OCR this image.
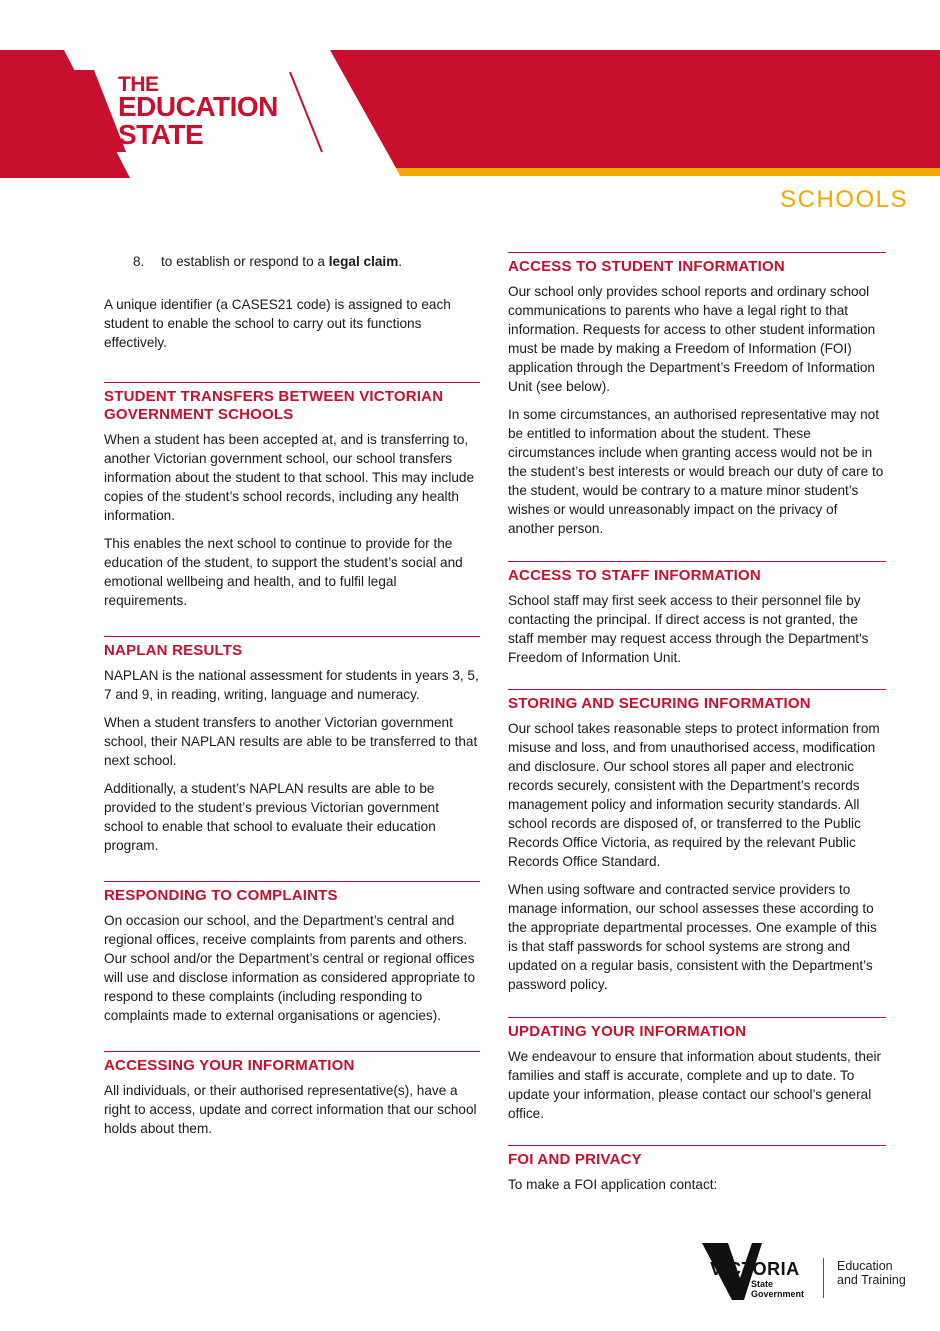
THE
EDUCATION
STATE
SCHOOLS
8. to establish or respond to a legal claim.

A unique identifier (a CASES21 code) is assigned to each student to enable the school to carry out its functions effectively.

STUDENT TRANSFERS BETWEEN VICTORIAN GOVERNMENT SCHOOLS

When a student has been accepted at, and is transferring to, another Victorian government school, our school transfers information about the student to that school. This may include copies of the student’s school records, including any health information.

This enables the next school to continue to provide for the education of the student, to support the student’s social and emotional wellbeing and health, and to fulfil legal requirements.

NAPLAN RESULTS

NAPLAN is the national assessment for students in years 3, 5, 7 and 9, in reading, writing, language and numeracy.

When a student transfers to another Victorian government school, their NAPLAN results are able to be transferred to that next school.

Additionally, a student’s NAPLAN results are able to be provided to the student’s previous Victorian government school to enable that school to evaluate their education program.

RESPONDING TO COMPLAINTS

On occasion our school, and the Department’s central and regional offices, receive complaints from parents and others. Our school and/or the Department’s central or regional offices will use and disclose information as considered appropriate to respond to these complaints (including responding to complaints made to external organisations or agencies).

ACCESSING YOUR INFORMATION

All individuals, or their authorised representative(s), have a right to access, update and correct information that our school holds about them.

ACCESS TO STUDENT INFORMATION

Our school only provides school reports and ordinary school communications to parents who have a legal right to that information. Requests for access to other student information must be made by making a Freedom of Information (FOI) application through the Department’s Freedom of Information Unit (see below).

In some circumstances, an authorised representative may not be entitled to information about the student. These circumstances include when granting access would not be in the student’s best interests or would breach our duty of care to the student, would be contrary to a mature minor student’s wishes or would unreasonably impact on the privacy of another person.

ACCESS TO STAFF INFORMATION

School staff may first seek access to their personnel file by contacting the principal. If direct access is not granted, the staff member may request access through the Department's Freedom of Information Unit.

STORING AND SECURING INFORMATION

Our school takes reasonable steps to protect information from misuse and loss, and from unauthorised access, modification and disclosure. Our school stores all paper and electronic records securely, consistent with the Department’s records management policy and information security standards. All school records are disposed of, or transferred to the Public Records Office Victoria, as required by the relevant Public Records Office Standard.

When using software and contracted service providers to manage information, our school assesses these according to the appropriate departmental processes. One example of this is that staff passwords for school systems are strong and updated on a regular basis, consistent with the Department’s password policy.

UPDATING YOUR INFORMATION

We endeavour to ensure that information about students, their families and staff is accurate, complete and up to date. To update your information, please contact our school’s general office.

FOI AND PRIVACY

To make a FOI application contact:

VICTORIA
State
Government
Education
and Training
